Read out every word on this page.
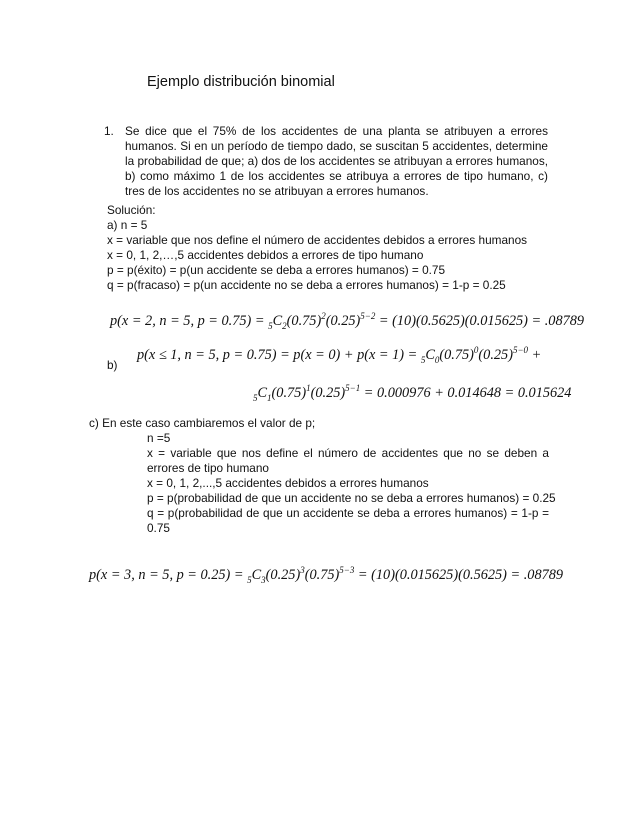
Ejemplo distribución binomial
1. Se dice que el 75% de los accidentes de una planta se atribuyen a errores humanos. Si en un período de tiempo dado, se suscitan 5 accidentes, determine la probabilidad de que; a) dos de los accidentes se atribuyan a errores humanos, b) como máximo 1 de los accidentes se atribuya a errores de tipo humano, c) tres de los accidentes no se atribuyan a errores humanos.
Solución:
a) n = 5
x = variable que nos define el número de accidentes debidos a errores humanos
x = 0, 1, 2,…,5 accidentes debidos a errores de tipo humano
p = p(éxito) = p(un accidente se deba a errores humanos) = 0.75
q = p(fracaso) = p(un accidente no se deba a errores humanos) = 1-p = 0.25
p(x = 2, n = 5, $p = 0.75) = _5C_2(0.75)^2(0.25)^{5-2} = (10)(0.5625)(0.015625) = .08789$
b)
p(x ≤ 1, n = 5, $p = 0.75) = p(x = 0) + p(x = 1) = _5C_0(0.75)^0(0.25)^{5-0}$ +
$_5C_1(0.75)^1(0.25)^{5-1} = 0.000976 + 0.014648 = 0.015624$
c) En este caso cambiaremos el valor de p;
n =5
x = variable que nos define el número de accidentes que no se deben a errores de tipo humano
x = 0, 1, 2,...,5 accidentes debidos a errores humanos
p = p(probabilidad de que un accidente no se deba a errores humanos) = 0.25
q = p(probabilidad de que un accidente se deba a errores humanos) = 1-p = 0.75
p(x = 3, n = 5, $p = 0.25) = _5C_3(0.25)^3(0.75)^{5-3} = (10)(0.015625)(0.5625) = .08789$
